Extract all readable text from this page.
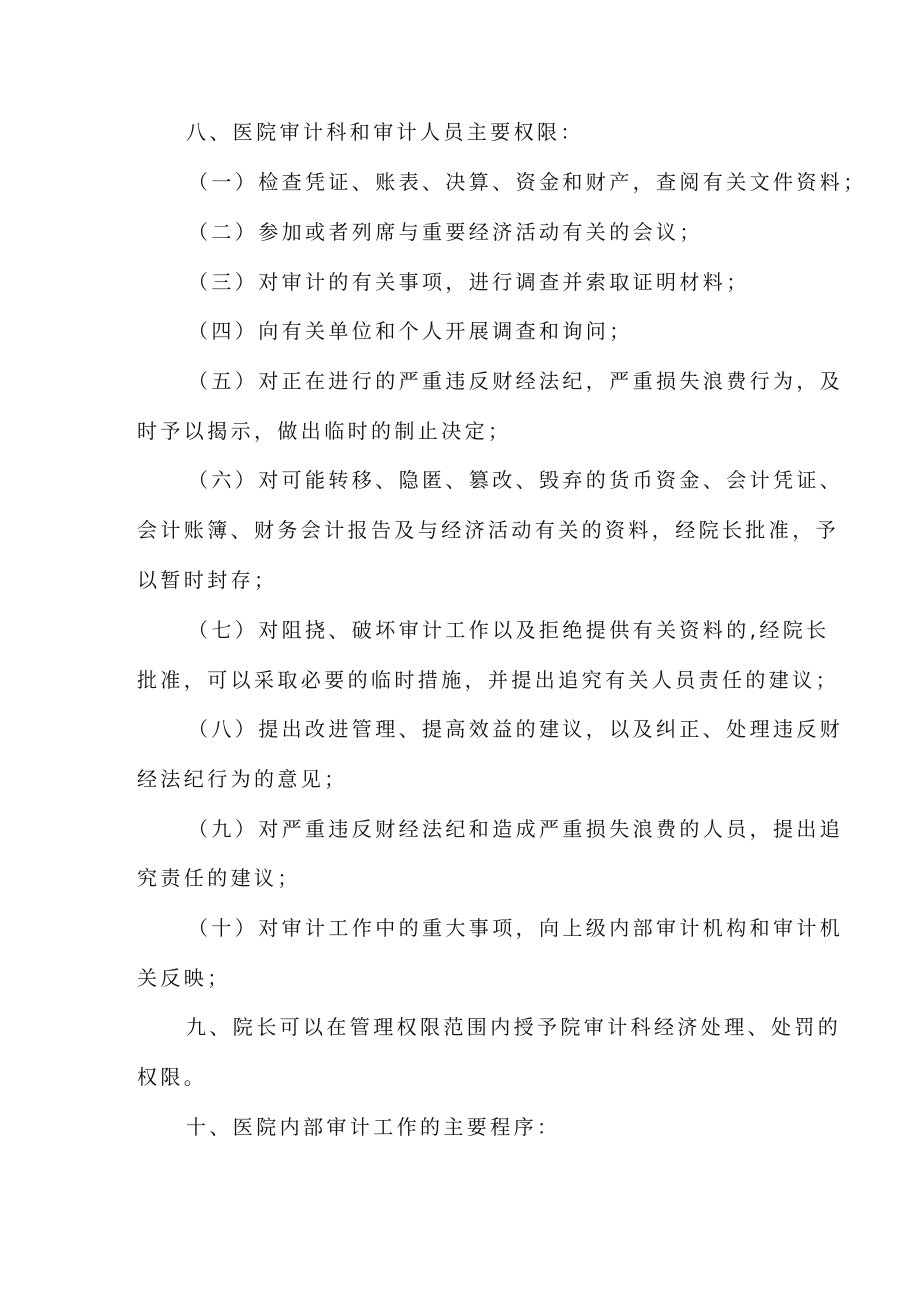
八、医院审计科和审计人员主要权限：
（一）检查凭证、账表、决算、资金和财产，查阅有关文件资料；
（二）参加或者列席与重要经济活动有关的会议；
（三）对审计的有关事项，进行调查并索取证明材料；
（四）向有关单位和个人开展调查和询问；
（五）对正在进行的严重违反财经法纪，严重损失浪费行为，及
时予以揭示，做出临时的制止决定；
（六）对可能转移、隐匿、篡改、毁弃的货币资金、会计凭证、
会计账簿、财务会计报告及与经济活动有关的资料，经院长批准，予
以暂时封存；
（七）对阻挠、破坏审计工作以及拒绝提供有关资料的,经院长
批准，可以采取必要的临时措施，并提出追究有关人员责任的建议；
（八）提出改进管理、提高效益的建议，以及纠正、处理违反财
经法纪行为的意见；
（九）对严重违反财经法纪和造成严重损失浪费的人员，提出追
究责任的建议；
（十）对审计工作中的重大事项，向上级内部审计机构和审计机
关反映；
九、院长可以在管理权限范围内授予院审计科经济处理、处罚的
权限。
十、医院内部审计工作的主要程序：
